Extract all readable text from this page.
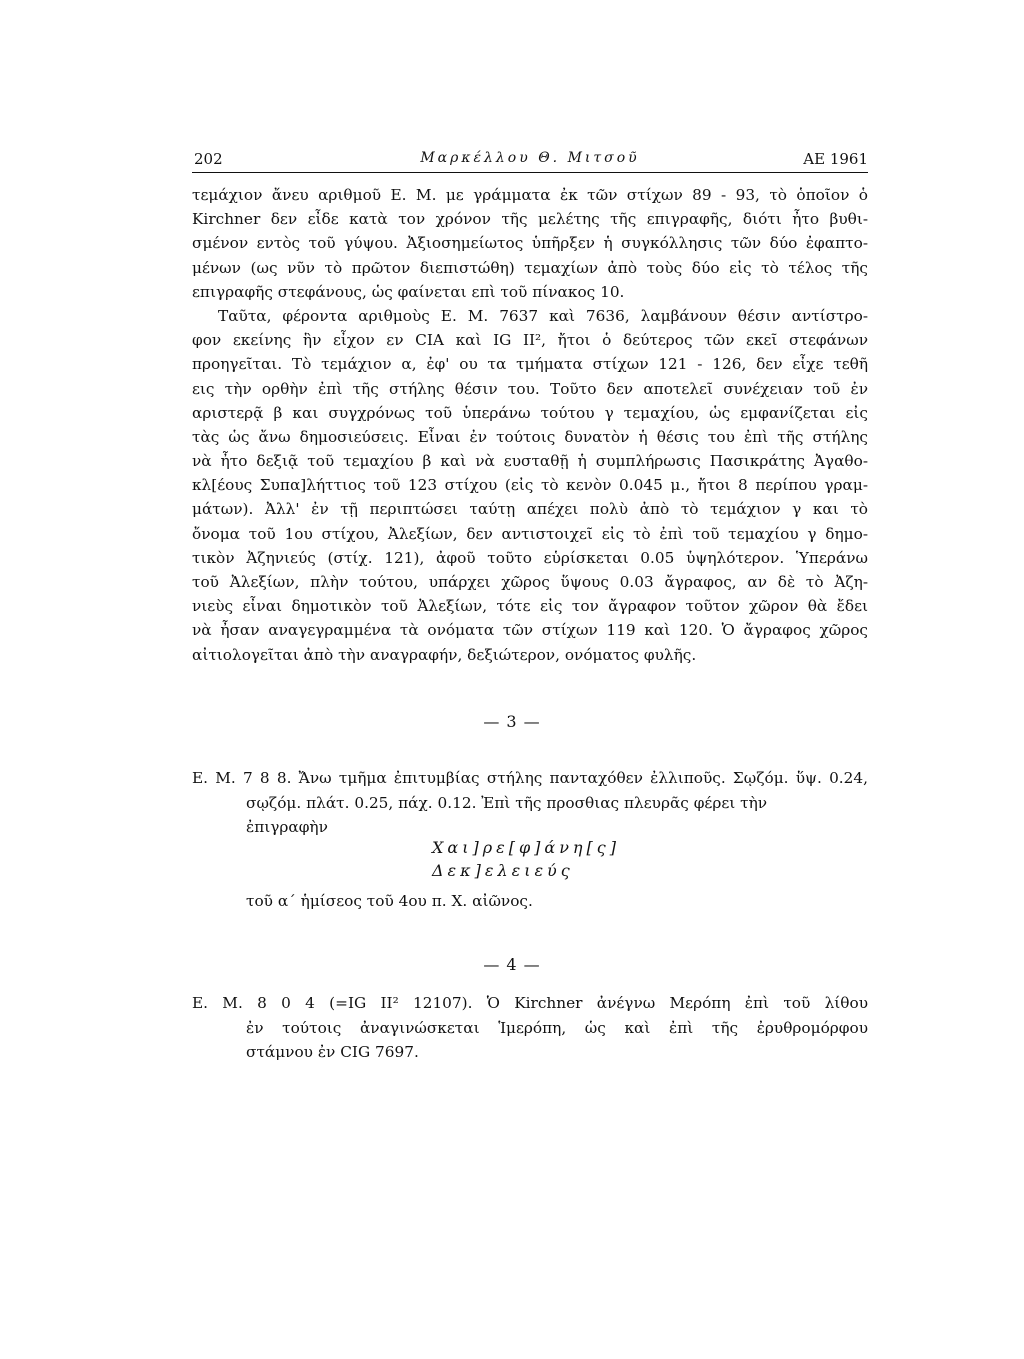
202	Μαρκέλλου Θ. Μιτσοῦ	ΑΕ 1961
τεμάχιον ἄνευ αριθμοῦ Ε. Μ. με γράμματα ἐκ τῶν στίχων 89 - 93, τὸ ὁποῖον ὁ
Kirchner δεν εἶδε κατὰ τον χρόνον τῆς μελέτης τῆς επιγραφῆς, διότι ἦτο βυθι-
σμένον εντὸς τοῦ γύψου. Ἀξιοσημείωτος ὑπῆρξεν ἡ συγκόλλησις τῶν δύο ἐφαπτο-
μένων (ως νῦν τὸ πρῶτον διεπιστώθη) τεμαχίων ἀπὸ τοὺς δύο εἰς τὸ τέλος τῆς
επιγραφῆς στεφάνους, ὡς φαίνεται επὶ τοῦ πίνακος 10.
Ταῦτα, φέροντα αριθμοὺς Ε. Μ. 7637 καὶ 7636, λαμβάνουν θέσιν αντίστρο-
φον εκείνης ἣν εἶχον εν CIA καὶ IG II², ἤτοι ὁ δεύτερος τῶν εκεῖ στεφάνων
προηγεῖται. Τὸ τεμάχιον α, ἐφ' ου τα τμήματα στίχων 121 - 126, δεν εἶχε τεθῆ
εις τὴν ορθὴν ἐπὶ τῆς στήλης θέσιν του. Τοῦτο δεν αποτελεῖ συνέχειαν τοῦ ἐν
αριστερᾷ β και συγχρόνως τοῦ ὑπεράνω τούτου γ τεμαχίου, ὡς εμφανίζεται εἰς
τὰς ὡς ἄνω δημοσιεύσεις. Εἶναι ἐν τούτοις δυνατὸν ἡ θέσις του ἐπὶ τῆς στήλης
νὰ ἦτο δεξιᾷ τοῦ τεμαχίου β καὶ νὰ ευσταθῇ ἡ συμπλήρωσις Πασικράτης Ἀγαθο-
κλ[έους Συπα]λήττιος τοῦ 123 στίχου (εἰς τὸ κενὸν 0.045 μ., ἤτοι 8 περίπου γραμ-
μάτων). Ἀλλ' ἐν τῇ περιπτώσει ταύτῃ απέχει πολὺ ἀπὸ τὸ τεμάχιον γ και τὸ
ὄνομα τοῦ 1ου στίχου, Ἀλεξίων, δεν αντιστοιχεῖ εἰς τὸ ἐπὶ τοῦ τεμαχίου γ δημο-
τικὸν Ἀζηνιεύς (στίχ. 121), ἀφοῦ τοῦτο εὑρίσκεται 0.05 ὑψηλότερον. Ὑπεράνω
τοῦ Ἀλεξίων, πλὴν τούτου, υπάρχει χῶρος ὕψους 0.03 ἄγραφος, αν δὲ τὸ Ἀζη-
νιεὺς εἶναι δημοτικὸν τοῦ Ἀλεξίων, τότε εἰς τον ἄγραφον τοῦτον χῶρον θὰ ἔδει
νὰ ἦσαν αναγεγραμμένα τὰ ονόματα τῶν στίχων 119 καὶ 120. Ὁ ἄγραφος χῶρος
αἰτιολογεῖται ἀπὸ τὴν αναγραφήν, δεξιώτερον, ονόματος φυλῆς.
— 3 —
Ε. Μ. 7 8 8. Ἄνω τμῆμα ἐπιτυμβίας στήλης πανταχόθεν ἐλλιποῦς. Σῳζόμ. ὕψ. 0.24,
σῳζόμ. πλάτ. 0.25, πάχ. 0.12. Ἐπὶ τῆς προσθιας πλευρᾶς φέρει τὴν
ἐπιγραφὴν
Χαι]ρε[φ]άνη[ς]
Δεκ]ελειεύς
τοῦ α΄ ἡμίσεος τοῦ 4ου π. Χ. αἰῶνος.
— 4 —
Ε. Μ. 8 0 4 (=IG II² 12107). Ὁ Kirchner ἀνέγνω Μερόπη ἐπὶ τοῦ λίθου
ἐν τούτοις ἀναγινώσκεται Ἱμερόπη, ὡς καὶ ἐπὶ τῆς ἐρυθρομόρφου
στάμνου ἐν CIG 7697.
